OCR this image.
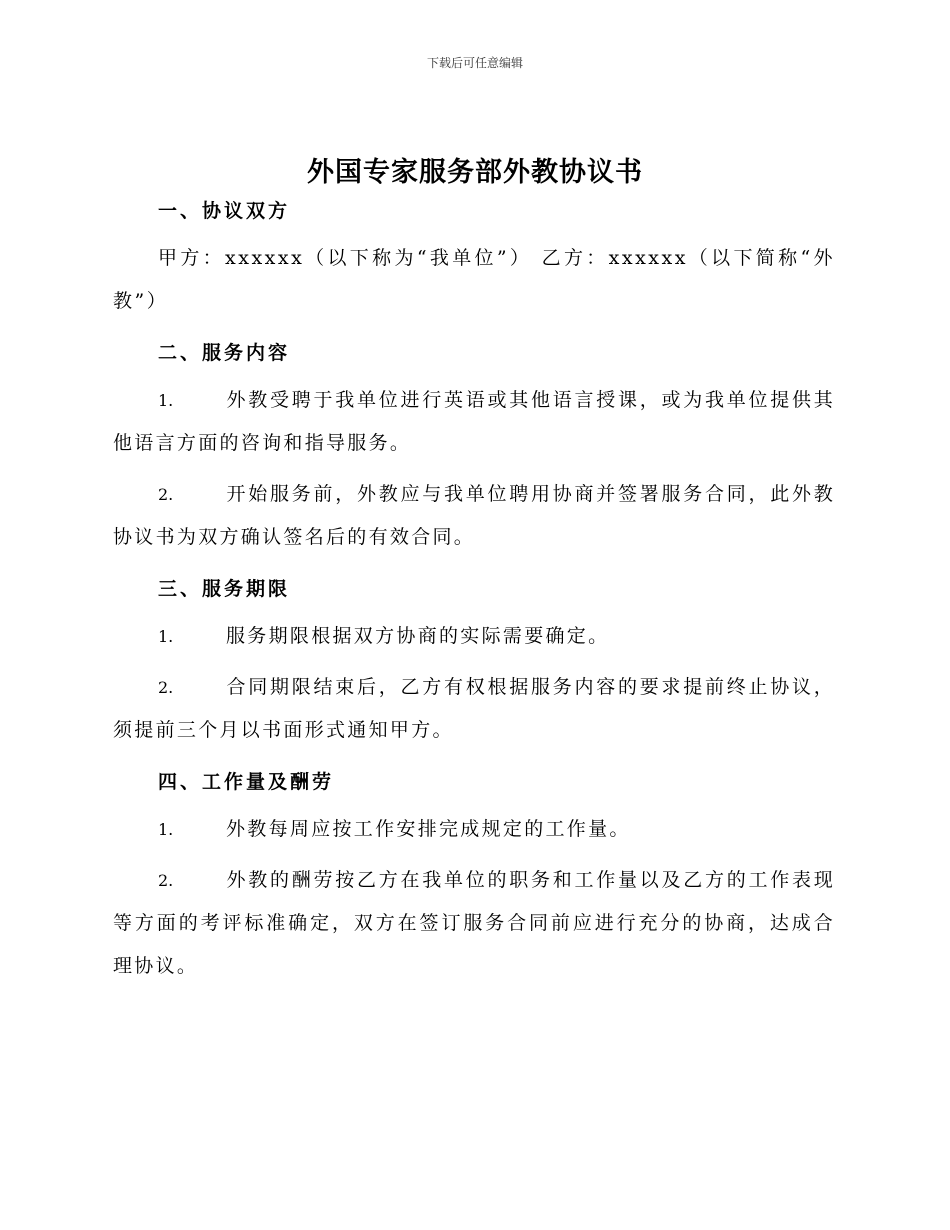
下载后可任意编辑
外国专家服务部外教协议书

一、协议双方

甲方：xxxxxx（以下称为“我单位”） 乙方：xxxxxx（以下简称“外教”）

二、服务内容

1.	外教受聘于我单位进行英语或其他语言授课，或为我单位提供其他语言方面的咨询和指导服务。

2.	开始服务前，外教应与我单位聘用协商并签署服务合同，此外教协议书为双方确认签名后的有效合同。

三、服务期限

1.	服务期限根据双方协商的实际需要确定。

2.	合同期限结束后，乙方有权根据服务内容的要求提前终止协议，须提前三个月以书面形式通知甲方。

四、工作量及酬劳

1.	外教每周应按工作安排完成规定的工作量。

2.	外教的酬劳按乙方在我单位的职务和工作量以及乙方的工作表现等方面的考评标准确定，双方在签订服务合同前应进行充分的协商，达成合理协议。
